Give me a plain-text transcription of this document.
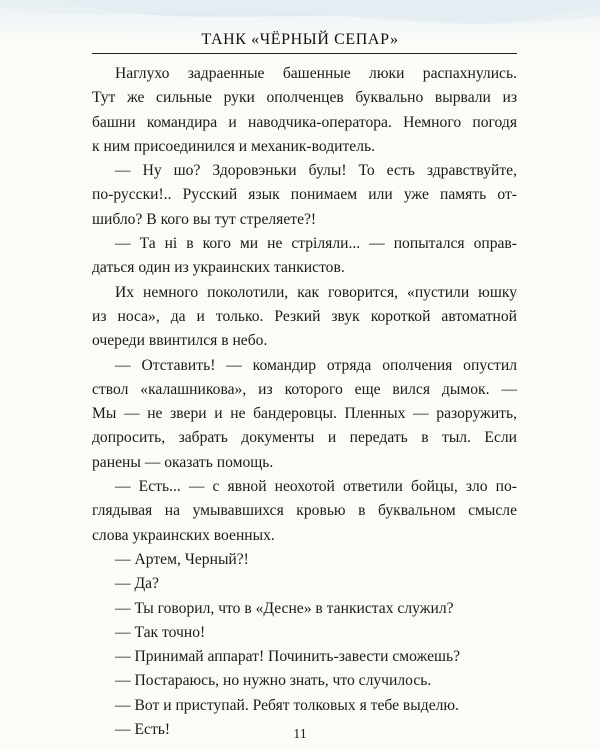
ТАНК «ЧЁРНЫЙ СЕПАР»
Наглухо задраенные башенные люки распахнулись.
Тут же сильные руки ополченцев буквально вырвали из
башни командира и наводчика-оператора. Немного погодя
к ним присоединился и механик-водитель.
— Ну шо? Здоровэньки булы! То есть здравствуйте,
по-русски!.. Русский язык понимаем или уже память от-
шибло? В кого вы тут стреляете?!
— Та ні в кого ми не стріляли... — попытался оправ-
даться один из украинских танкистов.
Их немного поколотили, как говорится, «пустили юшку
из носа», да и только. Резкий звук короткой автоматной
очереди ввинтился в небо.
— Отставить! — командир отряда ополчения опустил
ствол «калашникова», из которого еще вился дымок. —
Мы — не звери и не бандеровцы. Пленных — разоружить,
допросить, забрать документы и передать в тыл. Если
ранены — оказать помощь.
— Есть... — с явной неохотой ответили бойцы, зло по-
глядывая на умывавшихся кровью в буквальном смысле
слова украинских военных.
— Артем, Черный?!
— Да?
— Ты говорил, что в «Десне» в танкистах служил?
— Так точно!
— Принимай аппарат! Починить-завести сможешь?
— Постараюсь, но нужно знать, что случилось.
— Вот и приступай. Ребят толковых я тебе выделю.
— Есть!	11
